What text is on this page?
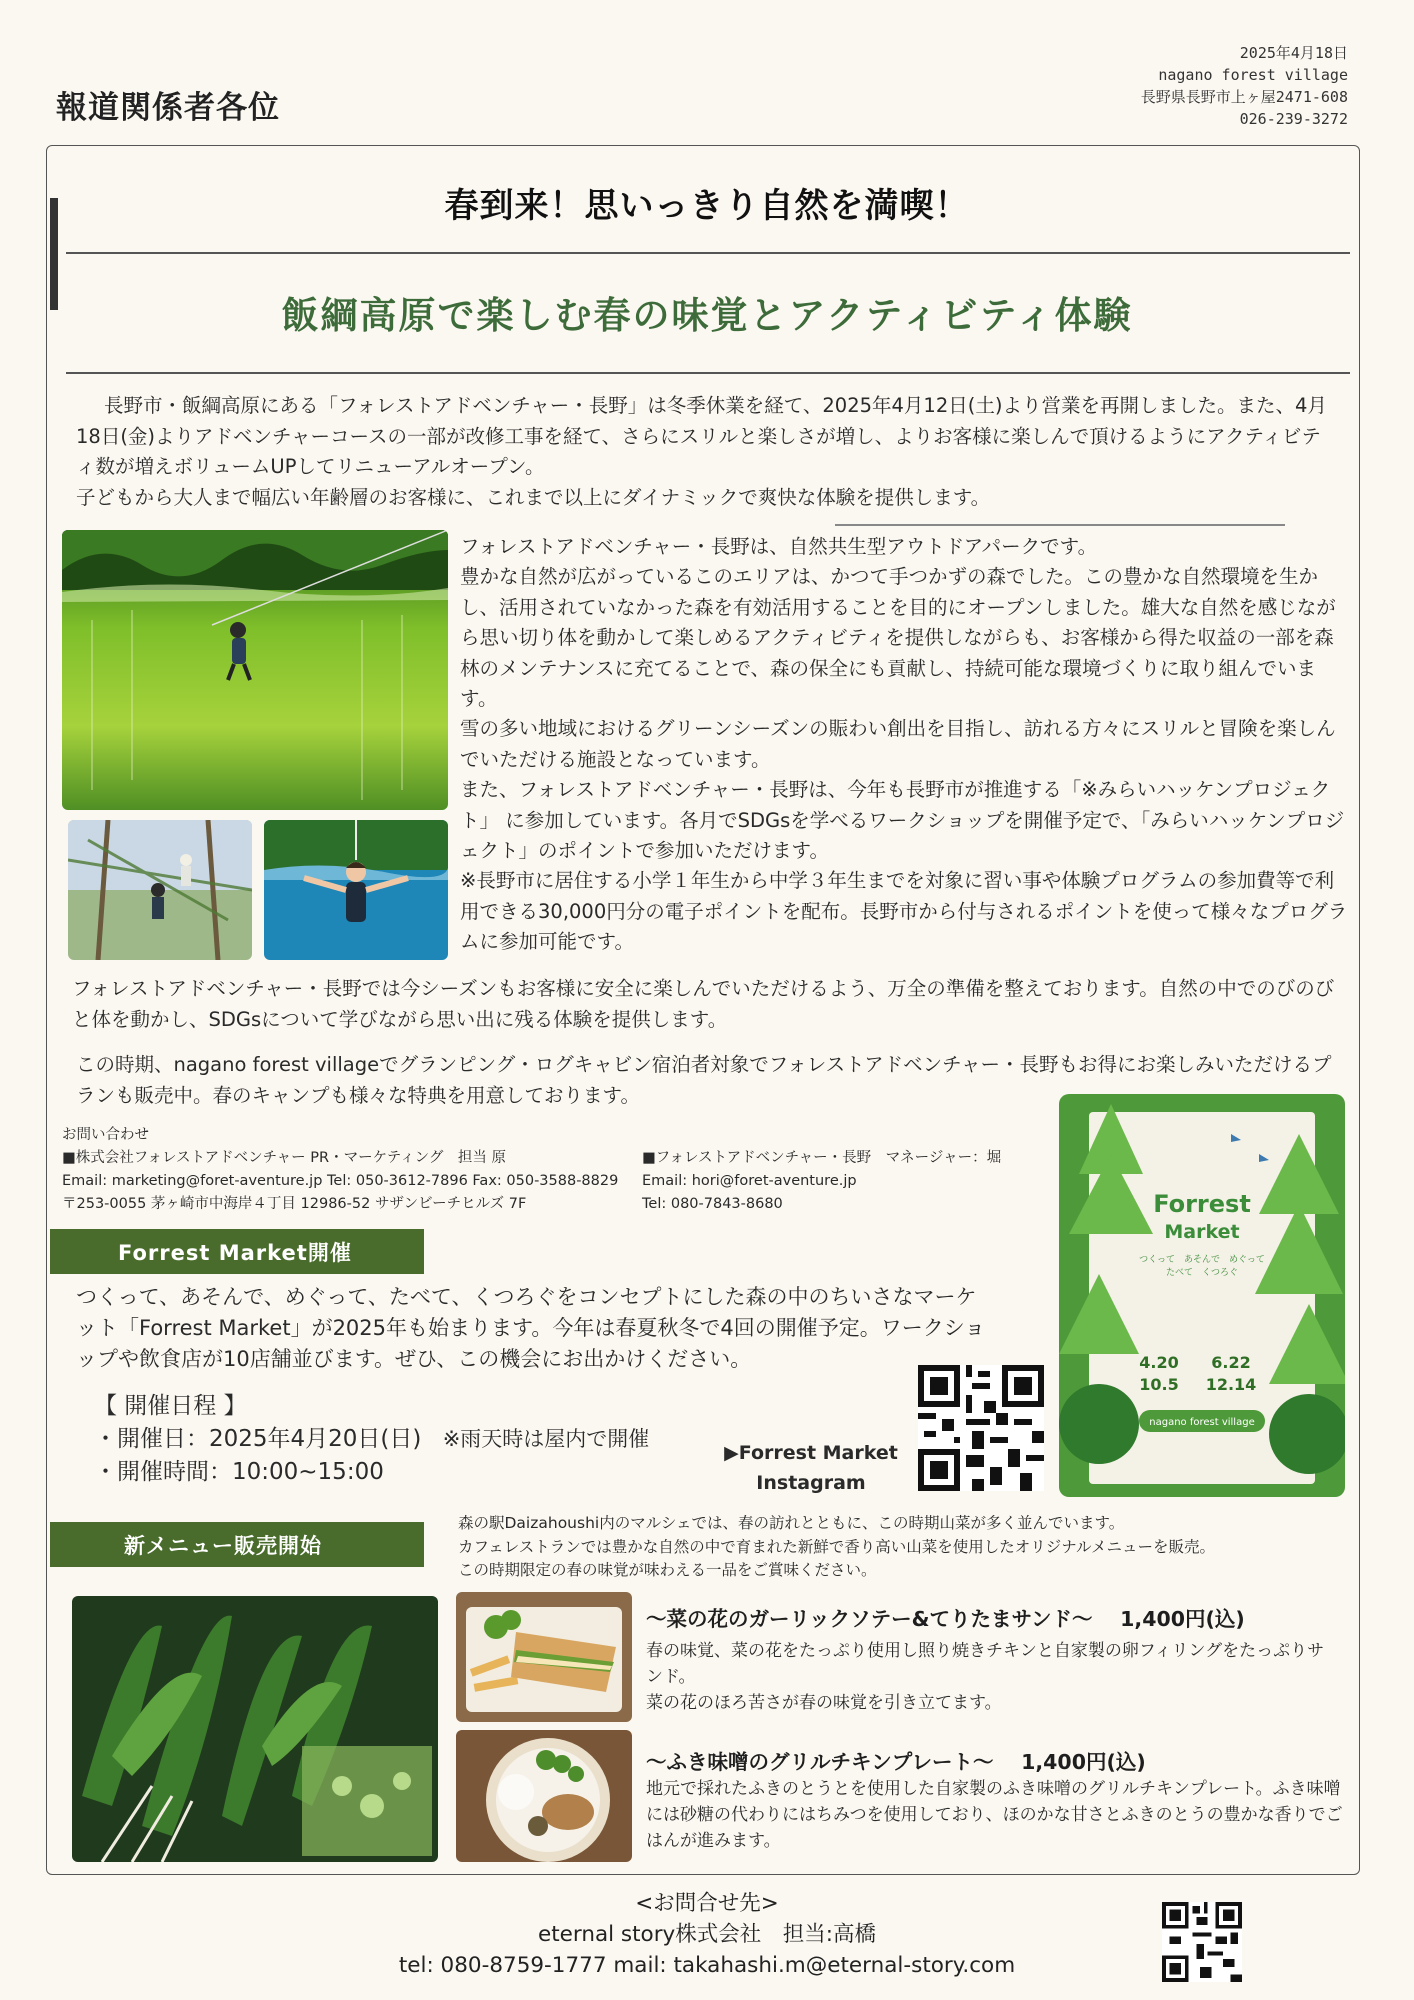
2025年4月18日
nagano forest village
長野県長野市上ヶ屋2471-608
026-239-3272
報道関係者各位
春到来！思いっきり自然を満喫！
飯綱高原で楽しむ春の味覚とアクティビティ体験
長野市・飯綱高原にある「フォレストアドベンチャー・長野」は冬季休業を経て、2025年4月12日(土)より営業を再開しました。また、4月18日(金)よりアドベンチャーコースの一部が改修工事を経て、さらにスリルと楽しさが増し、よりお客様に楽しんで頂けるようにアクティビティ数が増えボリュームUPしてリニューアルオープン。
子どもから大人まで幅広い年齢層のお客様に、これまで以上にダイナミックで爽快な体験を提供します。

フォレストアドベンチャー・長野は、自然共生型アウトドアパークです。

豊かな自然が広がっているこのエリアは、かつて手つかずの森でした。この豊かな自然環境を生かし、活用されていなかった森を有効活用することを目的にオープンしました。雄大な自然を感じながら思い切り体を動かして楽しめるアクティビティを提供しながらも、お客様から得た収益の一部を森林のメンテナンスに充てることで、森の保全にも貢献し、持続可能な環境づくりに取り組んでいます。

雪の多い地域におけるグリーンシーズンの賑わい創出を目指し、訪れる方々にスリルと冒険を楽しんでいただける施設となっています。

また、フォレストアドベンチャー・長野は、今年も長野市が推進する「※みらいハッケンプロジェクト」 に参加しています。各月でSDGsを学べるワークショップを開催予定で、「みらいハッケンプロジェクト」のポイントで参加いただけます。

※長野市に居住する小学１年生から中学３年生までを対象に習い事や体験プログラムの参加費等で利用できる30,000円分の電子ポイントを配布。長野市から付与されるポイントを使って様々なプログラムに参加可能です。

フォレストアドベンチャー・長野では今シーズンもお客様に安全に楽しんでいただけるよう、万全の準備を整えております。自然の中でのびのびと体を動かし、SDGsについて学びながら思い出に残る体験を提供します。
この時期、nagano forest villageでグランピング・ログキャビン宿泊者対象でフォレストアドベンチャー・長野もお得にお楽しみいただけるプランも販売中。春のキャンプも様々な特典を用意しております。
お問い合わせ
■株式会社フォレストアドベンチャー PR・マーケティング　担当 原
Email: marketing@foret-aventure.jp Tel: 050-3612-7896 Fax: 050-3588-8829
〒253-0055 茅ヶ崎市中海岸４丁目 12986-52 サザンビーチヒルズ 7F
■フォレストアドベンチャー・長野　マネージャー：堀
Email: hori@foret-aventure.jp
Tel: 080-7843-8680
Forrest Market開催
つくって、あそんで、めぐって、たべて、くつろぐをコンセプトにした森の中のちいさなマーケット「Forrest Market」が2025年も始まります。今年は春夏秋冬で4回の開催予定。ワークショップや飲食店が10店舗並びます。ぜひ、この機会にお出かけください。
【 開催日程 】
・開催日：2025年4月20日(日) ※雨天時は屋内で開催
・開催時間：10:00~15:00
▶Forrest Market
Instagram
Forrest
Market
つくって　あそんで　めぐって
たべて　くつろぐ
4.20 6.22
10.5 12.14
nagano forest village
新メニュー販売開始
森の駅Daizahoushi内のマルシェでは、春の訪れとともに、この時期山菜が多く並んでいます。
カフェレストランでは豊かな自然の中で育まれた新鮮で香り高い山菜を使用したオリジナルメニューを販売。
この時期限定の春の味覚が味わえる一品をご賞味ください。
〜菜の花のガーリックソテー&てりたまサンド〜　 1,400円(込)
春の味覚、菜の花をたっぷり使用し照り焼きチキンと自家製の卵フィリングをたっぷりサンド。
菜の花のほろ苦さが春の味覚を引き立てます。
〜ふき味噌のグリルチキンプレート〜　 1,400円(込)
地元で採れたふきのとうとを使用した自家製のふき味噌のグリルチキンプレート。ふき味噌には砂糖の代わりにはちみつを使用しており、ほのかな甘さとふきのとうの豊かな香りでごはんが進みます。
<お問合せ先>
eternal story株式会社　担当:高橋
tel: 080-8759-1777 mail: takahashi.m@eternal-story.com
